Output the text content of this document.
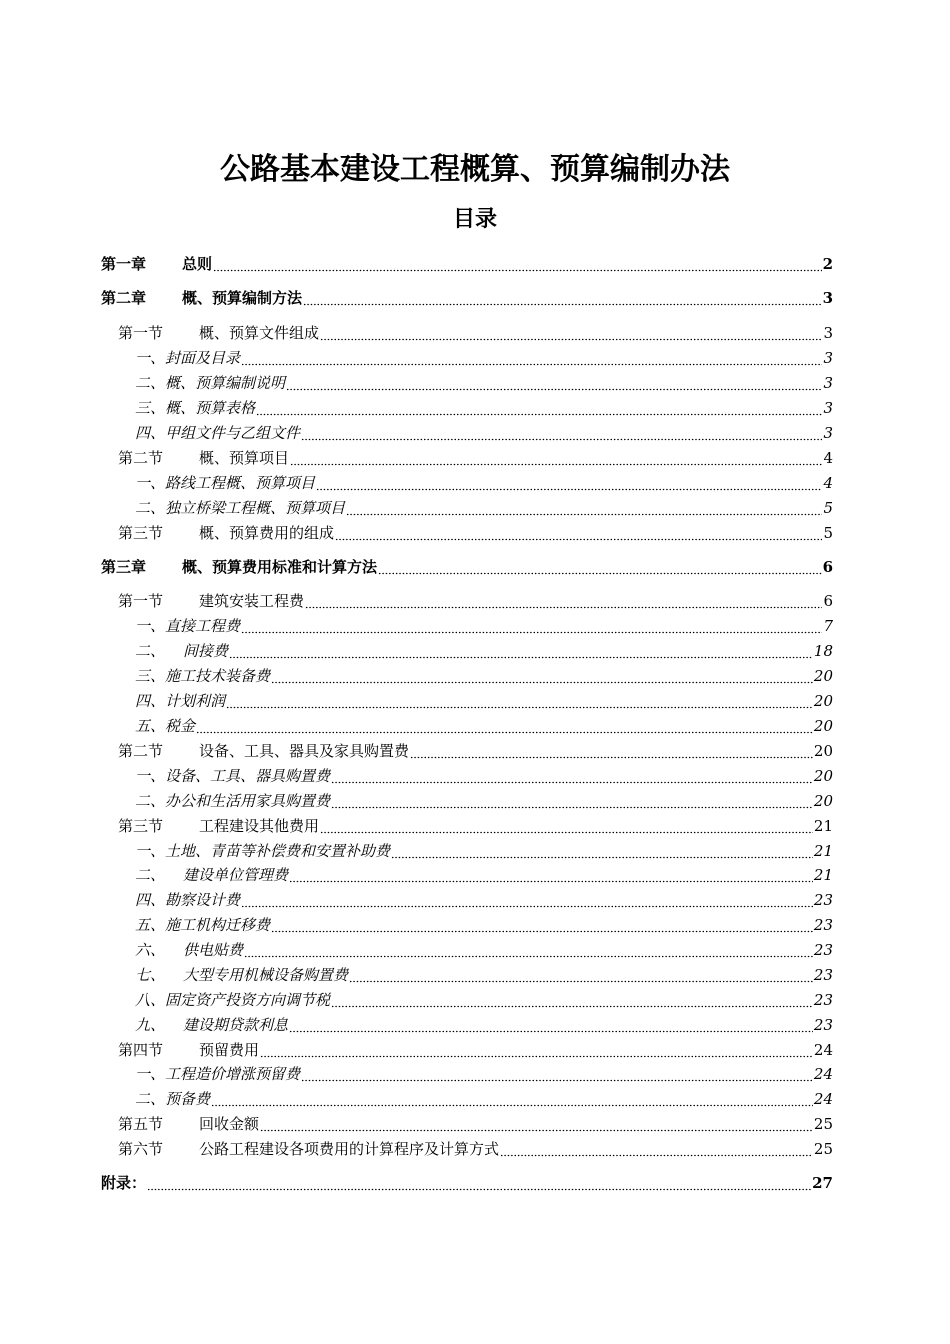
公路基本建设工程概算、预算编制办法
目录
第一章 总则	2
第二章 概、预算编制方法	3
第一节 概、预算文件组成	3
一、 封面及目录	3
二、 概、预算编制说明	3
三、 概、预算表格	3
四、 甲组文件与乙组文件	3
第二节 概、预算项目	4
一、 路线工程概、预算项目	4
二、 独立桥梁工程概、预算项目	5
第三节 概、预算费用的组成	5
第三章 概、预算费用标准和计算方法	6
第一节 建筑安装工程费	6
一、 直接工程费	7
二、 间接费	18
三、 施工技术装备费	20
四、 计划利润	20
五、 税金	20
第二节 设备、工具、器具及家具购置费	20
一、 设备、工具、器具购置费	20
二、 办公和生活用家具购置费	20
第三节 工程建设其他费用	21
一、 土地、青苗等补偿费和安置补助费	21
二、 建设单位管理费	21
四、 勘察设计费	23
五、 施工机构迁移费	23
六、 供电贴费	23
七、 大型专用机械设备购置费	23
八、 固定资产投资方向调节税	23
九、 建设期贷款利息	23
第四节 预留费用	24
一、 工程造价增涨预留费	24
二、 预备费	24
第五节 回收金额	25
第六节 公路工程建设各项费用的计算程序及计算方式	25
附录：	27
